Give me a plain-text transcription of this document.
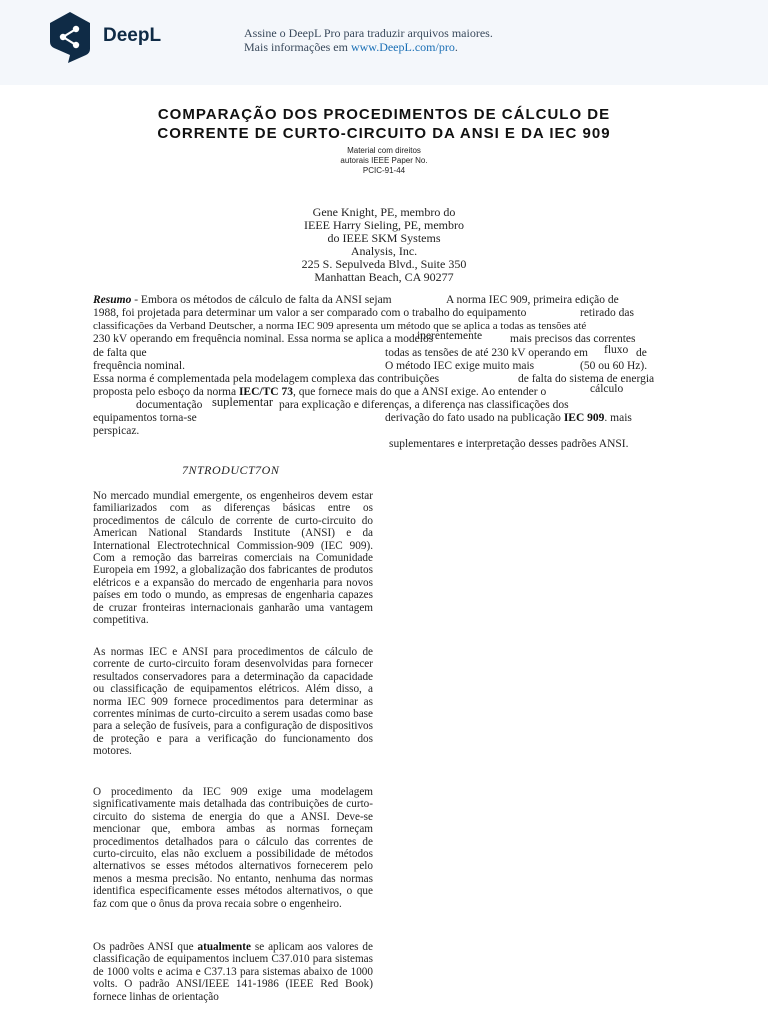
DeepL	Assine o DeepL Pro para traduzir arquivos maiores.
Mais informações em www.DeepL.com/pro.
COMPARAÇÃO DOS PROCEDIMENTOS DE CÁLCULO DE
CORRENTE DE CURTO-CIRCUITO DA ANSI E DA IEC 909
Material com direitos
autorais IEEE Paper No.
PCIC-91-44
Gene Knight, PE, membro do
IEEE Harry Sieling, PE, membro
do IEEE SKM Systems
Analysis, Inc.
225 S. Sepulveda Blvd., Suite 350
Manhattan Beach, CA 90277
Resumo - Embora os métodos de cálculo de falta da ANSI sejam	A norma IEC 909, primeira edição de
1988, foi projetada para determinar um valor a ser comparado com o trabalho do equipamento	retirado das
classificações da Verband Deutscher, a norma IEC 909 apresenta um método que se aplica a todas as tensões até
230 kV operando em frequência nominal. Essa norma se aplica a modelos
inerentemente mais precisos das correntes
de falta que	todas as tensões de até 230 kV operando em fluxo de
frequência nominal.	O método IEC exige muito mais	(50 ou 60 Hz).
Essa norma é complementada pela modelagem complexa das contribuições	de falta do sistema de energia
proposta pelo esboço da norma IEC/TC 73, que fornece mais do que a ANSI exige. Ao entender o	cálculo
documentação suplementar para explicação e diferenças, a diferença nas classificações dos
equipamentos torna-se	derivação do fato usado na publicação IEC 909. mais
perspicaz.
suplementares e interpretação desses padrões ANSI.
7NTRODUCT7ON
No mercado mundial emergente, os engenheiros devem estar familiarizados com as diferenças básicas entre os procedimentos de cálculo de corrente de curto-circuito do American National Standards Institute (ANSI) e da International Electrotechnical Commission-909 (IEC 909). Com a remoção das barreiras comerciais na Comunidade Europeia em 1992, a globalização dos fabricantes de produtos elétricos e a expansão do mercado de engenharia para novos países em todo o mundo, as empresas de engenharia capazes de cruzar fronteiras internacionais ganharão uma vantagem competitiva.
As normas IEC e ANSI para procedimentos de cálculo de corrente de curto-circuito foram desenvolvidas para fornecer resultados conservadores para a determinação da capacidade ou classificação de equipamentos elétricos. Além disso, a norma IEC 909 fornece procedimentos para determinar as correntes mínimas de curto-circuito a serem usadas como base para a seleção de fusíveis, para a configuração de dispositivos de proteção e para a verificação do funcionamento dos motores.
O procedimento da IEC 909 exige uma modelagem significativamente mais detalhada das contribuições de curto-circuito do sistema de energia do que a ANSI. Deve-se mencionar que, embora ambas as normas forneçam procedimentos detalhados para o cálculo das correntes de curto-circuito, elas não excluem a possibilidade de métodos alternativos se esses métodos alternativos fornecerem pelo menos a mesma precisão. No entanto, nenhuma das normas identifica especificamente esses métodos alternativos, o que faz com que o ônus da prova recaia sobre o engenheiro.
Os padrões ANSI que atualmente se aplicam aos valores de classificação de equipamentos incluem C37.010 para sistemas de 1000 volts e acima e C37.13 para sistemas abaixo de 1000 volts. O padrão ANSI/IEEE 141-1986 (IEEE Red Book) fornece linhas de orientação
